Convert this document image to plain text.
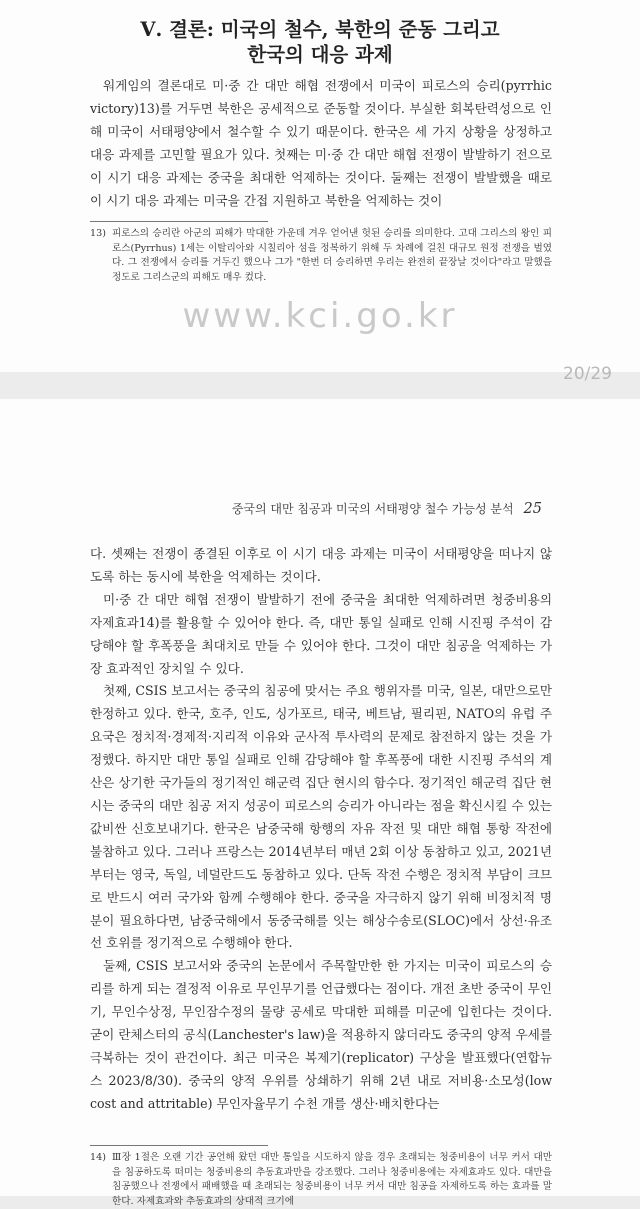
Ⅴ. 결론: 미국의 철수, 북한의 준동 그리고
한국의 대응 과제

워게임의 결론대로 미·중 간 대만 해협 전쟁에서 미국이 피로스의 승리(pyrrhic victory)13)를 거두면 북한은 공세적으로 준동할 것이다. 부실한 회복탄력성으로 인해 미국이 서태평양에서 철수할 수 있기 때문이다. 한국은 세 가지 상황을 상정하고 대응 과제를 고민할 필요가 있다. 첫째는 미·중 간 대만 해협 전쟁이 발발하기 전으로 이 시기 대응 과제는 중국을 최대한 억제하는 것이다. 둘째는 전쟁이 발발했을 때로 이 시기 대응 과제는 미국을 간접 지원하고 북한을 억제하는 것이

13) 피로스의 승리란 아군의 피해가 막대한 가운데 겨우 얻어낸 헛된 승리를 의미한다. 고대 그리스의 왕인 피로스(Pyrrhus) 1세는 이탈리아와 시칠리아 섬을 정복하기 위해 두 차례에 걸친 대규모 원정 전쟁을 벌였다. 그 전쟁에서 승리를 거두긴 했으나 그가 "한번 더 승리하면 우리는 완전히 끝장날 것이다"라고 말했을 정도로 그리스군의 피해도 매우 컸다.
www.kci.go.kr
20/29
중국의 대만 침공과 미국의 서태평양 철수 가능성 분석 25

다. 셋째는 전쟁이 종결된 이후로 이 시기 대응 과제는 미국이 서태평양을 떠나지 않도록 하는 동시에 북한을 억제하는 것이다.

미·중 간 대만 해협 전쟁이 발발하기 전에 중국을 최대한 억제하려면 청중비용의 자제효과14)를 활용할 수 있어야 한다. 즉, 대만 통일 실패로 인해 시진핑 주석이 감당해야 할 후폭풍을 최대치로 만들 수 있어야 한다. 그것이 대만 침공을 억제하는 가장 효과적인 장치일 수 있다.

첫째, CSIS 보고서는 중국의 침공에 맞서는 주요 행위자를 미국, 일본, 대만으로만 한정하고 있다. 한국, 호주, 인도, 싱가포르, 태국, 베트남, 필리핀, NATO의 유럽 주요국은 정치적·경제적·지리적 이유와 군사적 투사력의 문제로 참전하지 않는 것을 가정했다. 하지만 대만 통일 실패로 인해 감당해야 할 후폭풍에 대한 시진핑 주석의 계산은 상기한 국가들의 정기적인 해군력 집단 현시의 함수다. 정기적인 해군력 집단 현시는 중국의 대만 침공 저지 성공이 피로스의 승리가 아니라는 점을 확신시킬 수 있는 값비싼 신호보내기다. 한국은 남중국해 항행의 자유 작전 및 대만 해협 통항 작전에 불참하고 있다. 그러나 프랑스는 2014년부터 매년 2회 이상 동참하고 있고, 2021년부터는 영국, 독일, 네덜란드도 동참하고 있다. 단독 작전 수행은 정치적 부담이 크므로 반드시 여러 국가와 함께 수행해야 한다. 중국을 자극하지 않기 위해 비정치적 명분이 필요하다면, 남중국해에서 동중국해를 잇는 해상수송로(SLOC)에서 상선·유조선 호위를 정기적으로 수행해야 한다.

둘째, CSIS 보고서와 중국의 논문에서 주목할만한 한 가지는 미국이 피로스의 승리를 하게 되는 결정적 이유로 무인무기를 언급했다는 점이다. 개전 초반 중국이 무인기, 무인수상정, 무인잠수정의 물량 공세로 막대한 피해를 미군에 입힌다는 것이다. 굳이 란체스터의 공식(Lanchester's law)을 적용하지 않더라도 중국의 양적 우세를 극복하는 것이 관건이다. 최근 미국은 복제기(replicator) 구상을 발표했다(연합뉴스 2023/8/30). 중국의 양적 우위를 상쇄하기 위해 2년 내로 저비용·소모성(low cost and attritable) 무인자율무기 수천 개를 생산·배치한다는

14) Ⅲ장 1절은 오랜 기간 공언해 왔던 대만 통일을 시도하지 않을 경우 초래되는 청중비용이 너무 커서 대만을 침공하도록 떠미는 청중비용의 추동효과만을 강조했다. 그러나 청중비용에는 자제효과도 있다. 대만을 침공했으나 전쟁에서 패배했을 때 초래되는 청중비용이 너무 커서 대만 침공을 자제하도록 하는 효과를 말한다. 자제효과와 추동효과의 상대적 크기에
